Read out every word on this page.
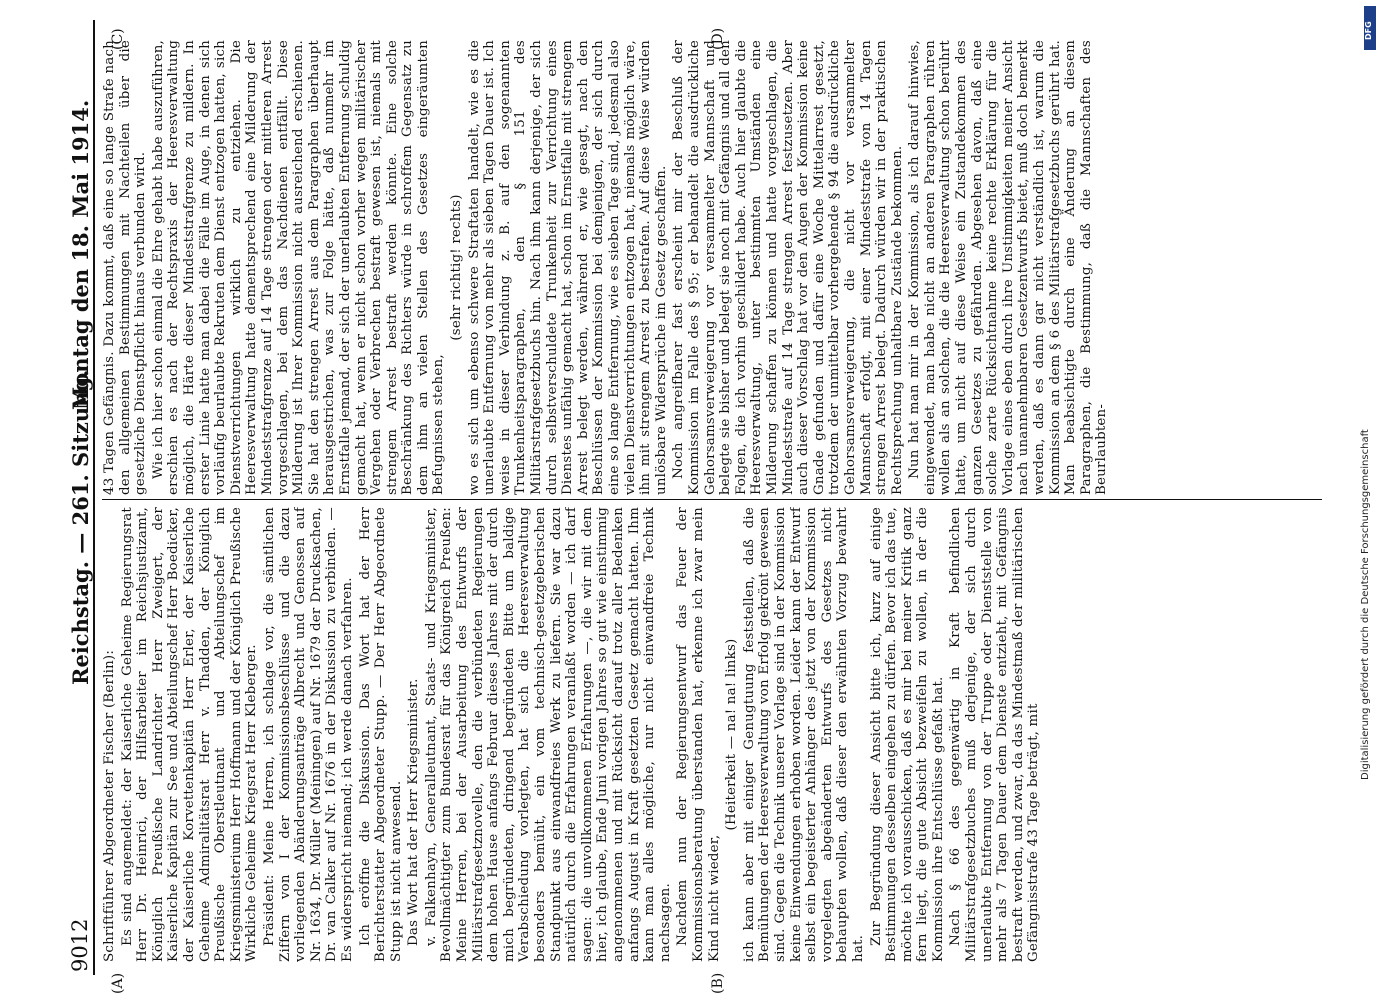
9012
Reichstag. — 261. Sitzung.
Montag den 18. Mai 1914.
(A)	(B)
(C)	(D)

Schriftführer Abgeordneter Fischer (Berlin): Es sind angemeldet: der Kaiserliche Geheime Regierungsrat Herr Dr. Heinrici, der Hilfsarbeiter im Reichsjustizamt, Königlich Preußische Landrichter Herr Zweigert, der Kaiserliche Kapitän zur See und Abteilungschef Herr Boedicker, der Kaiserliche Korvettenkapitän Herr Erler, der Kaiserliche Geheime Admiralitätsrat Herr v. Thadden, der Königlich Preußische Oberstleutnant und Abteilungschef im Kriegsministerium Herr Hoffmann und der Königlich Preußische Wirkliche Geheime Kriegsrat Herr Kleberger. Präsident: Meine Herren, ich schlage vor, die sämtlichen Ziffern von I der Kommissionsbeschlüsse und die dazu vorliegenden Abänderungsanträge Albrecht und Genossen auf Nr. 1634, Dr. Müller (Meiningen) auf Nr. 1679 der Drucksachen, Dr. van Calker auf Nr. 1676 in der Diskussion zu verbinden. — Es widerspricht niemand; ich werde danach verfahren. Ich eröffne die Diskussion. Das Wort hat der Herr Berichterstatter Abgeordneter Stupp. — Der Herr Abgeordnete Stupp ist nicht anwesend. Das Wort hat der Herr Kriegsminister. v. Falkenhayn, Generalleutnant, Staats- und Kriegsminister, Bevollmächtigter zum Bundesrat für das Königreich Preußen: Meine Herren, bei der Ausarbeitung des Entwurfs der Militärstrafgesetznovelle, den die verbündeten Regierungen dem hohen Hause anfangs Februar dieses Jahres mit der durch mich begründeten, dringend begründeten Bitte um baldige Verabschiedung vorlegten, hat sich die Heeresverwaltung besonders bemüht, ein vom technisch-gesetzgeberischen Standpunkt aus einwandfreies Werk zu liefern. Sie war dazu natürlich durch die Erfahrungen veranlaßt worden — ich darf sagen: die unvollkommenen Erfahrungen —, die wir mit dem hier, ich glaube, Ende Juni vorigen Jahres so gut wie einstimmig angenommenen und mit Rücksicht darauf trotz aller Bedenken anfangs August in Kraft gesetzten Gesetz gemacht hatten. Ihm kann man alles mögliche, nur nicht einwandfreie Technik nachsagen. Nachdem nun der Regierungsentwurf das Feuer der Kommissionsberatung überstanden hat, erkenne ich zwar mein Kind nicht wieder,

(Heiterkeit — na! na! links) ich kann aber mit einiger Genugtuung feststellen, daß die Bemühungen der Heeresverwaltung von Erfolg gekrönt gewesen sind. Gegen die Technik unserer Vorlage sind in der Kommission keine Einwendungen erhoben worden. Leider kann der Entwurf selbst ein begeisterter Anhänger des jetzt von der Kommission vorgelegten abgeänderten Entwurfs des Gesetzes nicht behaupten wollen, daß dieser den erwähnten Vorzug bewahrt hat.

Zur Begründung dieser Ansicht bitte ich, kurz auf einige Bestimmungen desselben eingehen zu dürfen. Bevor ich das tue, möchte ich vorausschicken, daß es mir bei meiner Kritik ganz fern liegt, die gute Absicht bezweifeln zu wollen, in der die Kommission ihre Entschlüsse gefaßt hat. Nach § 66 des gegenwärtig in Kraft befindlichen Militärstrafgesetzbuches muß derjenige, der sich durch unerlaubte Entfernung von der Truppe oder Dienststelle von mehr als 7 Tagen Dauer dem Dienste entzieht, mit Gefängnis bestraft werden, und zwar, da das Mindestmaß der militärischen Gefängnisstrafe 43 Tage beträgt, mit

43 Tagen Gefängnis. Dazu kommt, daß eine so lange Strafe nach den allgemeinen Bestimmungen mit Nachteilen über die gesetzliche Dienstpflicht hinaus verbunden wird. Wie ich hier schon einmal die Ehre gehabt habe auszuführen, erschien es nach der Rechtspraxis der Heeresverwaltung möglich, die Härte dieser Mindeststrafgrenze zu mildern. In erster Linie hatte man dabei die Fälle im Auge, in denen sich vorläufig beurlaubte Rekruten dem Dienst entzogen hatten, sich Dienstverrichtungen wirklich zu entziehen. Die Heeresverwaltung hatte dementsprechend eine Milderung der Mindeststrafgrenze auf 14 Tage strengen oder mittleren Arrest vorgeschlagen, bei dem das Nachdienen entfällt. Diese Milderung ist Ihrer Kommission nicht ausreichend erschienen. Sie hat den strengen Arrest aus dem Paragraphen überhaupt herausgestrichen, was zur Folge hätte, daß nunmehr im Ernstfalle jemand, der sich der unerlaubten Entfernung schuldig gemacht hat, wenn er nicht schon vorher wegen militärischer Vergehen oder Verbrechen bestraft gewesen ist, niemals mit strengem Arrest bestraft werden könnte. Eine solche Beschränkung des Richters würde in schroffem Gegensatz zu dem ihm an vielen Stellen des Gesetzes eingeräumten Befugnissen stehen,

(sehr richtig! rechts) wo es sich um ebenso schwere Straftaten handelt, wie es die unerlaubte Entfernung von mehr als sieben Tagen Dauer ist. Ich weise in dieser Verbindung z. B. auf den sogenannten Trunkenheitsparagraphen, den § 151 des Militärstrafgesetzbuchs hin. Nach ihm kann derjenige, der sich durch selbstverschuldete Trunkenheit zur Verrichtung eines Dienstes unfähig gemacht hat, schon im Ernstfalle mit strengem Arrest belegt werden, während er, wie gesagt, nach den Beschlüssen der Kommission bei demjenigen, der sich durch eine so lange Entfernung, wie es sieben Tage sind, jedesmal also vielen Dienstverrichtungen entzogen hat, niemals möglich wäre, ihn mit strengem Arrest zu bestrafen. Auf diese Weise würden unlösbare Widersprüche im Gesetz geschaffen. Noch angreifbarer fast erscheint mir der Beschluß der Kommission im Falle des § 95; er behandelt die ausdrückliche Gehorsamsverweigerung vor versammelter Mannschaft und belegte sie bisher und belegt sie noch mit Gefängnis und all den Folgen, die ich vorhin geschildert habe. Auch hier glaubte die Heeresverwaltung, unter bestimmten Umständen eine Milderung schaffen zu können und hatte vorgeschlagen, die Mindeststrafe auf 14 Tage strengen Arrest festzusetzen. Aber auch dieser Vorschlag hat vor den Augen der Kommission keine Gnade gefunden und dafür eine Woche Mittelarrest gesetzt, trotzdem der unmittelbar vorhergehende § 94 die ausdrückliche Gehorsamsverweigerung, die nicht vor versammelter Mannschaft erfolgt, mit einer Mindeststrafe von 14 Tagen strengen Arrest belegt. Dadurch würden wir in der praktischen Rechtsprechung unhaltbare Zustände bekommen. Nun hat man mir in der Kommission, als ich darauf hinwies, eingewendet, man habe nicht an anderen Paragraphen rühren wollen als an solchen, die die Heeresverwaltung schon berührt hatte, um nicht auf diese Weise ein Zustandekommen des ganzen Gesetzes zu gefährden. Abgesehen davon, daß eine solche zarte Rücksichtnahme keine rechte Erklärung für die Vorlage eines eben durch ihre Unstimmigkeiten meiner Ansicht nach unannehmbaren Gesetzentwurfs bietet, muß doch bemerkt werden, daß es dann gar nicht verständlich ist, warum die Kommission an dem § 6 des Militärstrafgesetzbuchs gerührt hat. Man beabsichtigte durch eine Änderung an diesem Paragraphen, die Bestimmung, daß die Mannschaften des Beurlaubten-

DFG
Digitalisierung gefördert durch die Deutsche Forschungsgemeinschaft
